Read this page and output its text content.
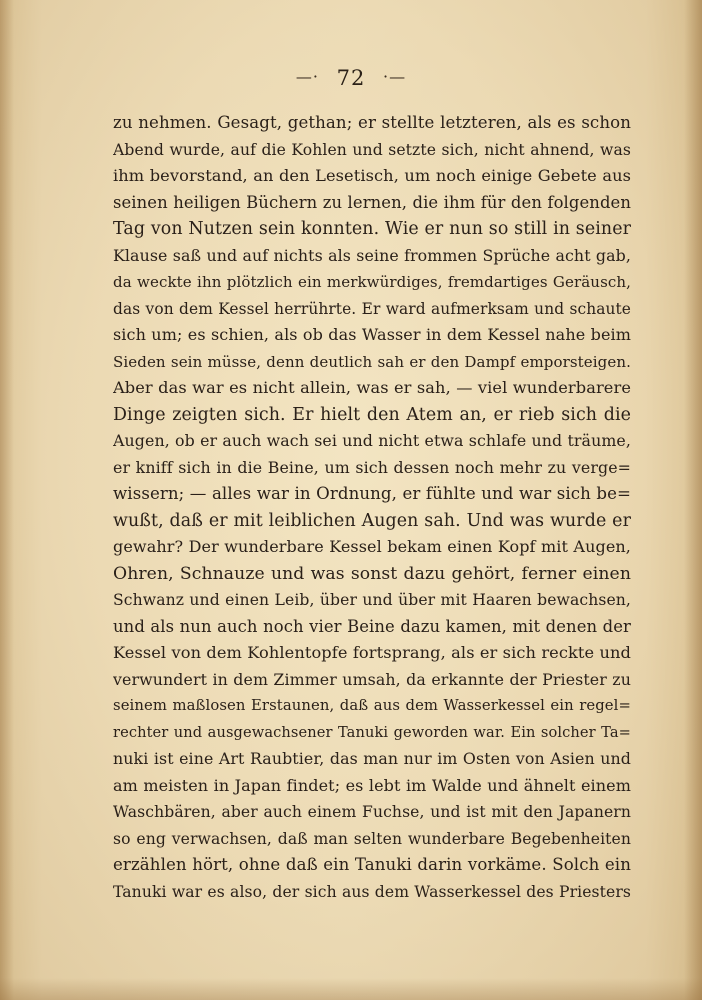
—· 72 ·—
zu nehmen. Gesagt, gethan; er stellte letzteren, als es schon
Abend wurde, auf die Kohlen und setzte sich, nicht ahnend, was
ihm bevorstand, an den Lesetisch, um noch einige Gebete aus
seinen heiligen Büchern zu lernen, die ihm für den folgenden
Tag von Nutzen sein konnten. Wie er nun so still in seiner
Klause saß und auf nichts als seine frommen Sprüche acht gab,
da weckte ihn plötzlich ein merkwürdiges, fremdartiges Geräusch,
das von dem Kessel herrührte. Er ward aufmerksam und schaute
sich um; es schien, als ob das Wasser in dem Kessel nahe beim
Sieden sein müsse, denn deutlich sah er den Dampf emporsteigen.
Aber das war es nicht allein, was er sah, — viel wunderbarere
Dinge zeigten sich. Er hielt den Atem an, er rieb sich die
Augen, ob er auch wach sei und nicht etwa schlafe und träume,
er kniff sich in die Beine, um sich dessen noch mehr zu verge=
wissern; — alles war in Ordnung, er fühlte und war sich be=
wußt, daß er mit leiblichen Augen sah. Und was wurde er
gewahr? Der wunderbare Kessel bekam einen Kopf mit Augen,
Ohren, Schnauze und was sonst dazu gehört, ferner einen
Schwanz und einen Leib, über und über mit Haaren bewachsen,
und als nun auch noch vier Beine dazu kamen, mit denen der
Kessel von dem Kohlentopfe fortsprang, als er sich reckte und
verwundert in dem Zimmer umsah, da erkannte der Priester zu
seinem maßlosen Erstaunen, daß aus dem Wasserkessel ein regel=
rechter und ausgewachsener Tanuki geworden war. Ein solcher Ta=
nuki ist eine Art Raubtier, das man nur im Osten von Asien und
am meisten in Japan findet; es lebt im Walde und ähnelt einem
Waschbären, aber auch einem Fuchse, und ist mit den Japanern
so eng verwachsen, daß man selten wunderbare Begebenheiten
erzählen hört, ohne daß ein Tanuki darin vorkäme. Solch ein
Tanuki war es also, der sich aus dem Wasserkessel des Priesters
